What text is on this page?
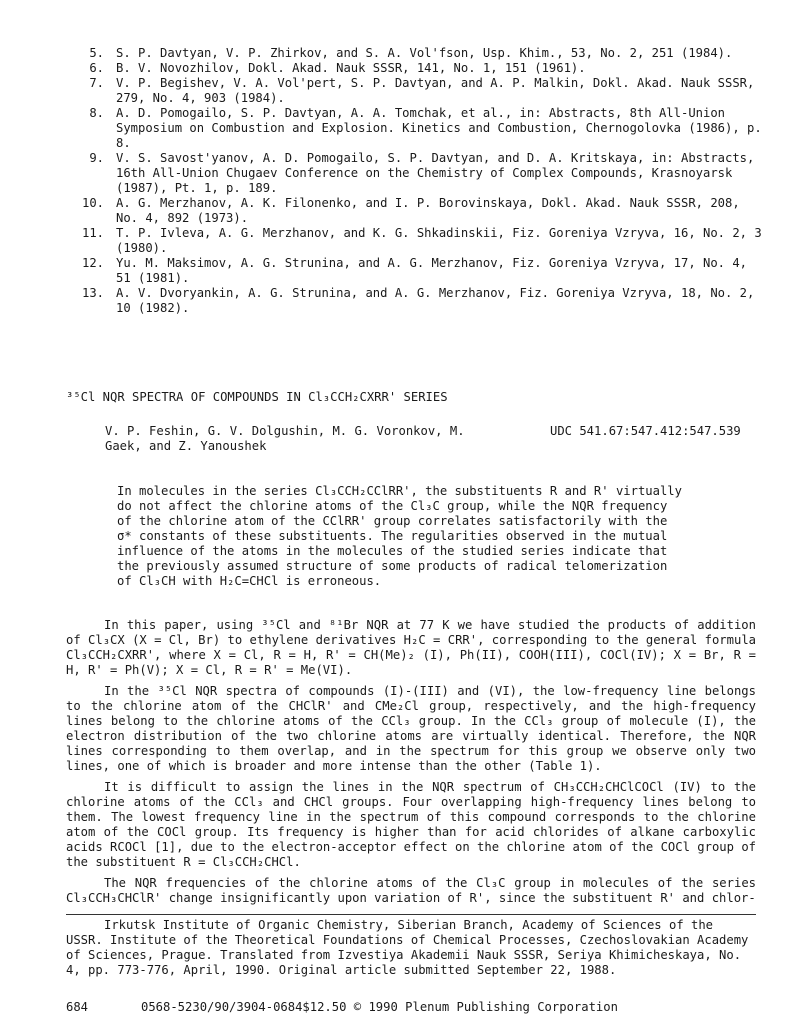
5. S. P. Davtyan, V. P. Zhirkov, and S. A. Vol'fson, Usp. Khim., 53, No. 2, 251 (1984).
6. B. V. Novozhilov, Dokl. Akad. Nauk SSSR, 141, No. 1, 151 (1961).
7. V. P. Begishev, V. A. Vol'pert, S. P. Davtyan, and A. P. Malkin, Dokl. Akad. Nauk SSSR, 279, No. 4, 903 (1984).
8. A. D. Pomogailo, S. P. Davtyan, A. A. Tomchak, et al., in: Abstracts, 8th All-Union Symposium on Combustion and Explosion. Kinetics and Combustion, Chernogolovka (1986), p. 8.
9. V. S. Savost'yanov, A. D. Pomogailo, S. P. Davtyan, and D. A. Kritskaya, in: Abstracts, 16th All-Union Chugaev Conference on the Chemistry of Complex Compounds, Krasnoyarsk (1987), Pt. 1, p. 189.
10. A. G. Merzhanov, A. K. Filonenko, and I. P. Borovinskaya, Dokl. Akad. Nauk SSSR, 208, No. 4, 892 (1973).
11. T. P. Ivleva, A. G. Merzhanov, and K. G. Shkadinskii, Fiz. Goreniya Vzryva, 16, No. 2, 3 (1980).
12. Yu. M. Maksimov, A. G. Strunina, and A. G. Merzhanov, Fiz. Goreniya Vzryva, 17, No. 4, 51 (1981).
13. A. V. Dvoryankin, A. G. Strunina, and A. G. Merzhanov, Fiz. Goreniya Vzryva, 18, No. 2, 10 (1982).
³⁵Cl NQR SPECTRA OF COMPOUNDS IN Cl₃CCH₂CXRR' SERIES
V. P. Feshin, G. V. Dolgushin, M. G. Voronkov, M. Gaek, and Z. Yanoushek
UDC 541.67:547.412:547.539
In molecules in the series Cl₃CCH₂CClRR', the substituents R and R' virtually do not affect the chlorine atoms of the Cl₃C group, while the NQR frequency of the chlorine atom of the CClRR' group correlates satisfactorily with the σ* constants of these substituents. The regularities observed in the mutual influence of the atoms in the molecules of the studied series indicate that the previously assumed structure of some products of radical telomerization of Cl₃CH with H₂C=CHCl is erroneous.

In this paper, using ³⁵Cl and ⁸¹Br NQR at 77 K we have studied the products of addition of Cl₃CX (X = Cl, Br) to ethylene derivatives H₂C = CRR', corresponding to the general formula Cl₃CCH₂CXRR', where X = Cl, R = H, R' = CH(Me)₂ (I), Ph(II), COOH(III), COCl(IV); X = Br, R = H, R' = Ph(V); X = Cl, R = R' = Me(VI).

In the ³⁵Cl NQR spectra of compounds (I)-(III) and (VI), the low-frequency line belongs to the chlorine atom of the CHClR' and CMe₂Cl group, respectively, and the high-frequency lines belong to the chlorine atoms of the CCl₃ group. In the CCl₃ group of molecule (I), the electron distribution of the two chlorine atoms are virtually identical. Therefore, the NQR lines corresponding to them overlap, and in the spectrum for this group we observe only two lines, one of which is broader and more intense than the other (Table 1).

It is difficult to assign the lines in the NQR spectrum of CH₃CCH₂CHClCOCl (IV) to the chlorine atoms of the CCl₃ and CHCl groups. Four overlapping high-frequency lines belong to them. The lowest frequency line in the spectrum of this compound corresponds to the chlorine atom of the COCl group. Its frequency is higher than for acid chlorides of alkane carboxylic acids RCOCl [1], due to the electron-acceptor effect on the chlorine atom of the COCl group of the substituent R = Cl₃CCH₂CHCl.

The NQR frequencies of the chlorine atoms of the Cl₃C group in molecules of the series Cl₃CCH₃CHClR' change insignificantly upon variation of R', since the substituent R' and chlor-

Irkutsk Institute of Organic Chemistry, Siberian Branch, Academy of Sciences of the USSR. Institute of the Theoretical Foundations of Chemical Processes, Czechoslovakian Academy of Sciences, Prague. Translated from Izvestiya Akademii Nauk SSSR, Seriya Khimicheskaya, No. 4, pp. 773-776, April, 1990. Original article submitted September 22, 1988.

684	0568-5230/90/3904-0684$12.50 © 1990 Plenum Publishing Corporation
